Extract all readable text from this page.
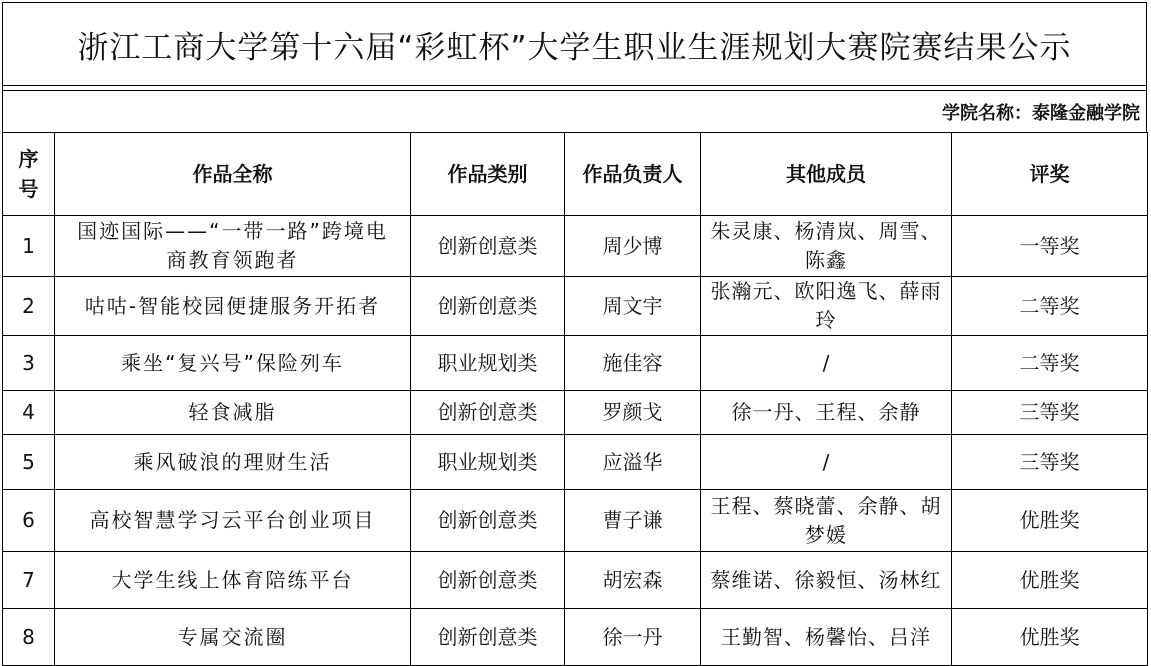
浙江工商大学第十六届“彩虹杯”大学生职业生涯规划大赛院赛结果公示
学院名称：泰隆金融学院
序
号	作品全称	作品类别	作品负责人	其他成员	评奖
1	国迹国际——“一带一路”跨境电商教育领跑者	创新创意类	周少博	朱灵康、杨清岚、周雪、陈鑫	一等奖
2	咕咕-智能校园便捷服务开拓者	创新创意类	周文宇	张瀚元、欧阳逸飞、薛雨玲	二等奖
3	乘坐“复兴号”保险列车	职业规划类	施佳容	/	二等奖
4	轻食减脂	创新创意类	罗颜戈	徐一丹、王程、余静	三等奖
5	乘风破浪的理财生活	职业规划类	应溢华	/	三等奖
6	高校智慧学习云平台创业项目	创新创意类	曹子谦	王程、蔡晓蕾、余静、胡梦媛	优胜奖
7	大学生线上体育陪练平台	创新创意类	胡宏森	蔡维诺、徐毅恒、汤林红	优胜奖
8	专属交流圈	创新创意类	徐一丹	王勤智、杨馨怡、吕洋	优胜奖
